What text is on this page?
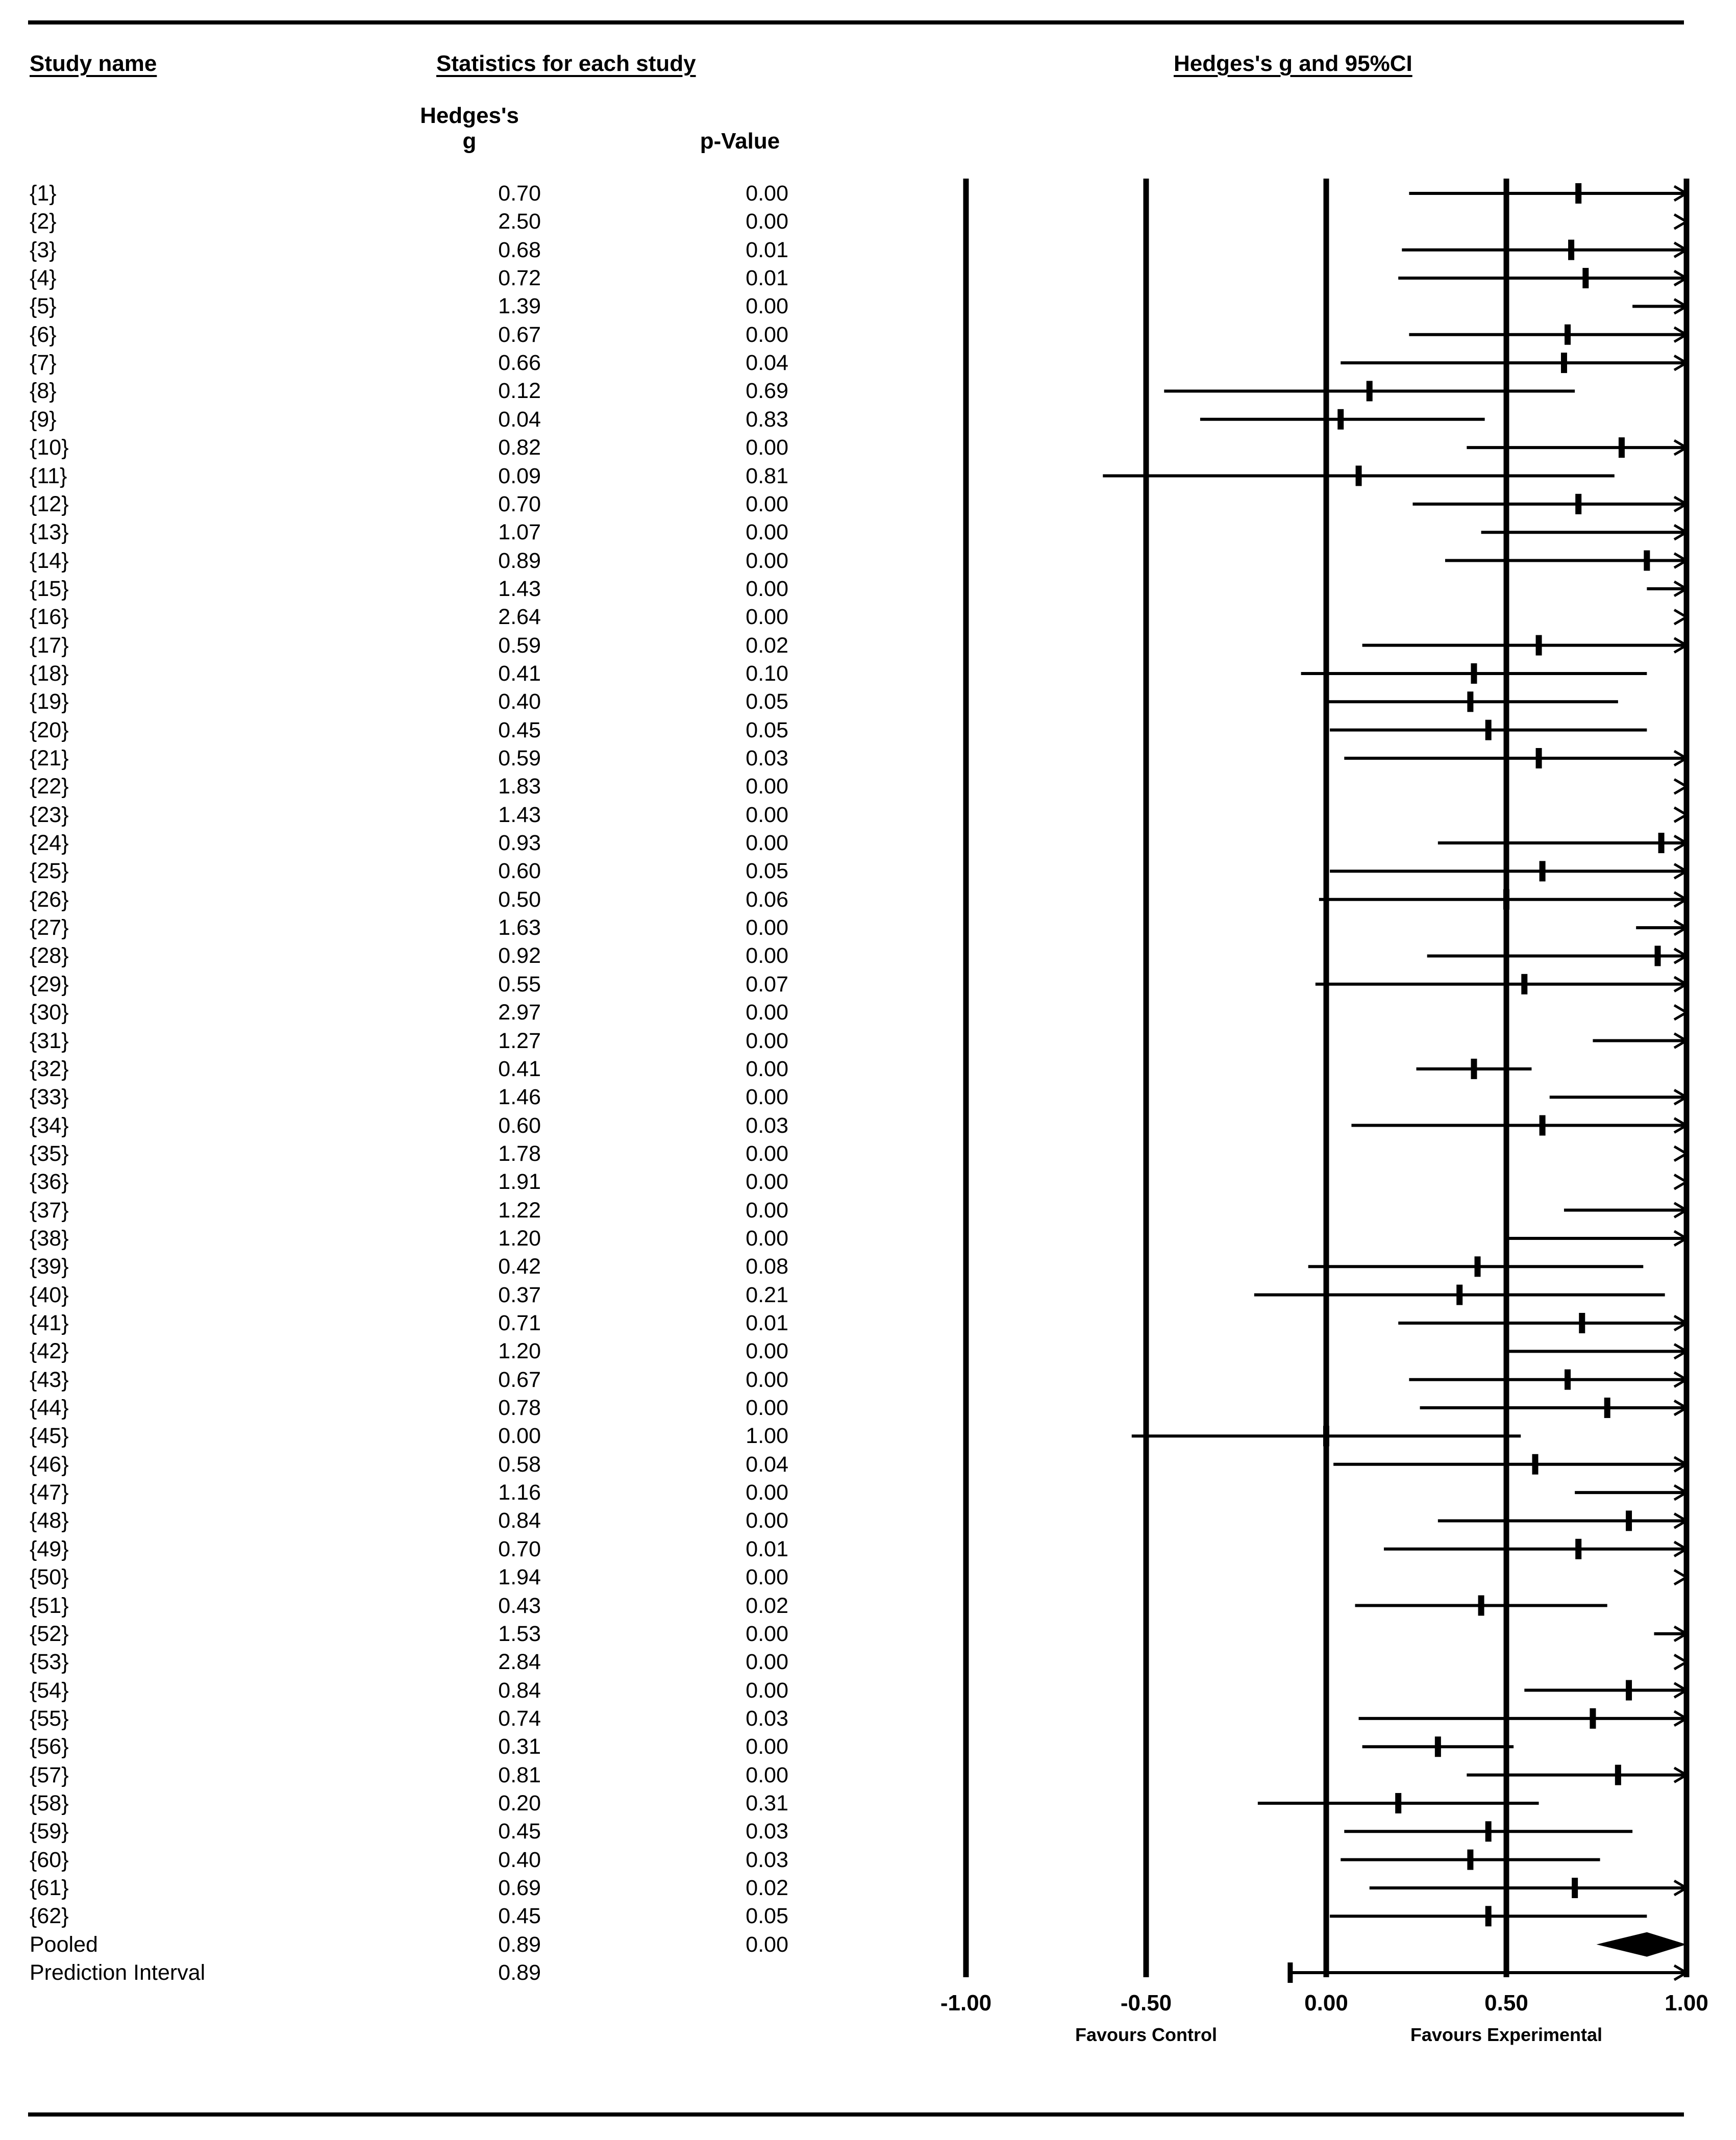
Study name	Statistics for each study	Hedges's g and 95%CI
Hedges's
g	p-Value
{1}	0.70	0.00
{2}	2.50	0.00
{3}	0.68	0.01
{4}	0.72	0.01
{5}	1.39	0.00
{6}	0.67	0.00
{7}	0.66	0.04
{8}	0.12	0.69
{9}	0.04	0.83
{10}	0.82	0.00
{11}	0.09	0.81
{12}	0.70	0.00
{13}	1.07	0.00
{14}	0.89	0.00
{15}	1.43	0.00
{16}	2.64	0.00
{17}	0.59	0.02
{18}	0.41	0.10
{19}	0.40	0.05
{20}	0.45	0.05
{21}	0.59	0.03
{22}	1.83	0.00
{23}	1.43	0.00
{24}	0.93	0.00
{25}	0.60	0.05
{26}	0.50	0.06
{27}	1.63	0.00
{28}	0.92	0.00
{29}	0.55	0.07
{30}	2.97	0.00
{31}	1.27	0.00
{32}	0.41	0.00
{33}	1.46	0.00
{34}	0.60	0.03
{35}	1.78	0.00
{36}	1.91	0.00
{37}	1.22	0.00
{38}	1.20	0.00
{39}	0.42	0.08
{40}	0.37	0.21
{41}	0.71	0.01
{42}	1.20	0.00
{43}	0.67	0.00
{44}	0.78	0.00
{45}	0.00	1.00
{46}	0.58	0.04
{47}	1.16	0.00
{48}	0.84	0.00
{49}	0.70	0.01
{50}	1.94	0.00
{51}	0.43	0.02
{52}	1.53	0.00
{53}	2.84	0.00
{54}	0.84	0.00
{55}	0.74	0.03
{56}	0.31	0.00
{57}	0.81	0.00
{58}	0.20	0.31
{59}	0.45	0.03
{60}	0.40	0.03
{61}	0.69	0.02
{62}	0.45	0.05
Pooled	0.89	0.00
Prediction Interval	0.89
-1.00	-0.50	0.00	0.50	1.00
Favours Control	Favours Experimental
